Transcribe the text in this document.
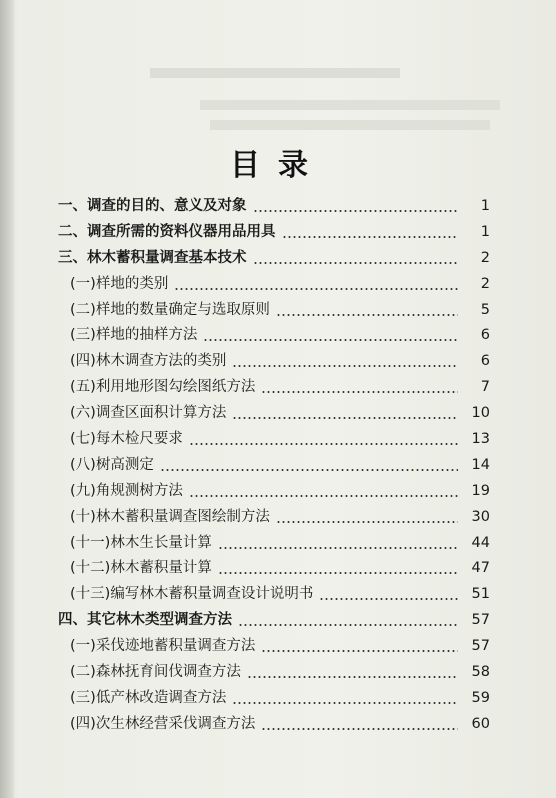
目录
一、调查的目的、意义及对象	1
二、调查所需的资料仪器用品用具	1
三、林木蓄积量调查基本技术	2
(一)样地的类别	2
(二)样地的数量确定与选取原则	5
(三)样地的抽样方法	6
(四)林木调查方法的类别	6
(五)利用地形图勾绘图纸方法	7
(六)调查区面积计算方法	10
(七)每木检尺要求	13
(八)树高测定	14
(九)角规测树方法	19
(十)林木蓄积量调查图绘制方法	30
(十一)林木生长量计算	44
(十二)林木蓄积量计算	47
(十三)编写林木蓄积量调查设计说明书	51
四、其它林木类型调查方法	57
(一)采伐迹地蓄积量调查方法	57
(二)森林抚育间伐调查方法	58
(三)低产林改造调查方法	59
(四)次生林经营采伐调查方法	60
